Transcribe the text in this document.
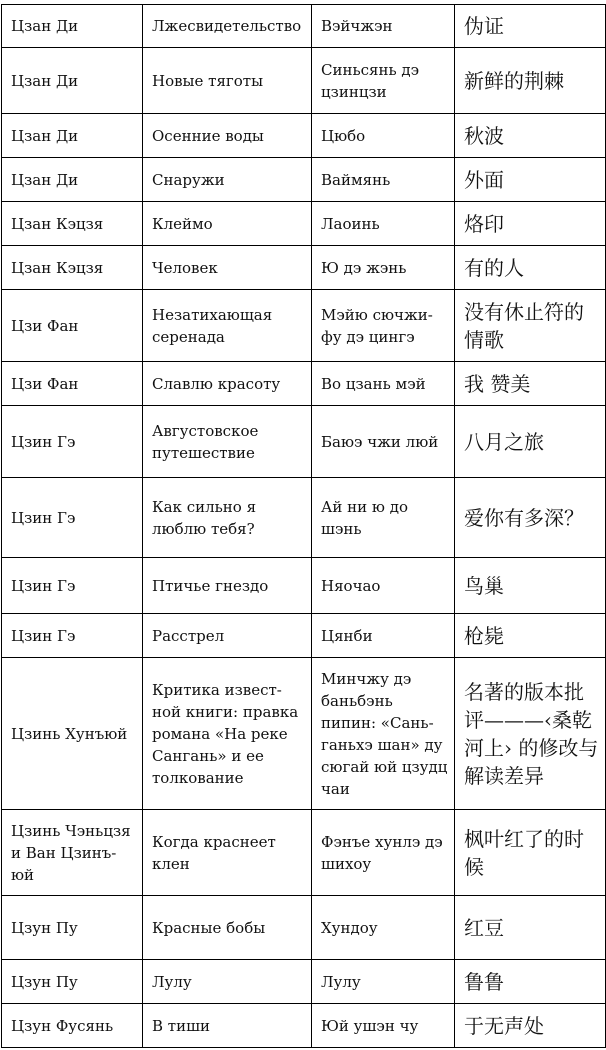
Цзан Ди	Лжесвидетельство	Вэйчжэн	伪证
Цзан Ди	Новые тяготы	Синьсянь дэ цзинцзи	新鲜的荆棘
Цзан Ди	Осенние воды	Цюбо	秋波
Цзан Ди	Снаружи	Ваймянь	外面
Цзан Кэцзя	Клеймо	Лаоинь	烙印
Цзан Кэцзя	Человек	Ю дэ жэнь	有的人
Цзи Фан	Незатихающая серенада	Мэйю сючжи-фу дэ цингэ	没有休止符的情歌
Цзи Фан	Славлю красоту	Во цзань мэй	我 赞美
Цзин Гэ	Августовское путешествие	Баюэ чжи люй	八月之旅
Цзин Гэ	Как сильно я люблю тебя?	Ай ни ю до шэнь	爱你有多深？
Цзин Гэ	Птичье гнездо	Няочао	鸟巢
Цзин Гэ	Расстрел	Цянби	枪毙
Цзинь Хунъюй	Критика извест-ной книги: правка романа «На реке Сангань» и ее толкование	Минчжу дэ баньбэнь пипин: «Сань-ганьхэ шан» ду сюгай юй цзудц чаи	名著的版本批评———‹桑乾河上› 的修改与解读差异
Цзинь Чэньцзя и Ван Цзинъ-юй	Когда краснеет клен	Фэнъе хунлэ дэ шихоу	枫叶红了的时候
Цзун Пу	Красные бобы	Хундоу	红豆
Цзун Пу	Лулу	Лулу	鲁鲁
Цзун Фусянь	В тиши	Юй ушэн чу	于无声处
